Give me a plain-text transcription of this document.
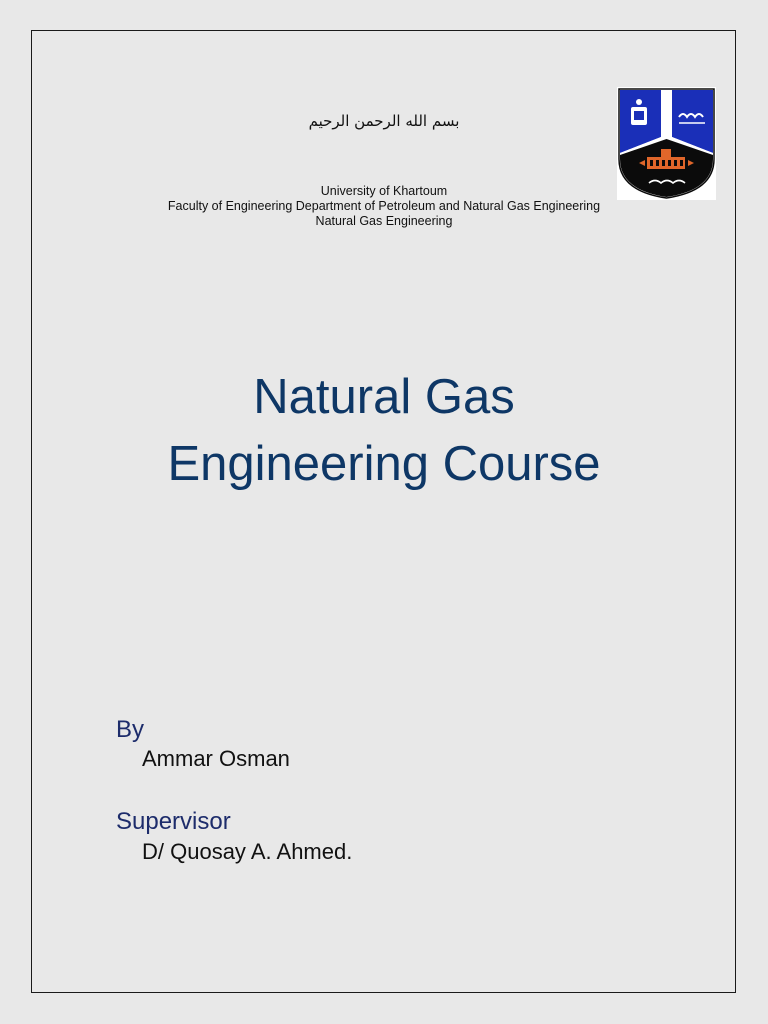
بسم الله الرحمن الرحيم
University of Khartoum
Faculty of Engineering Department of Petroleum and Natural Gas Engineering
Natural Gas Engineering
Natural Gas
Engineering Course
By
Ammar Osman
Supervisor
D/ Quosay A. Ahmed.
